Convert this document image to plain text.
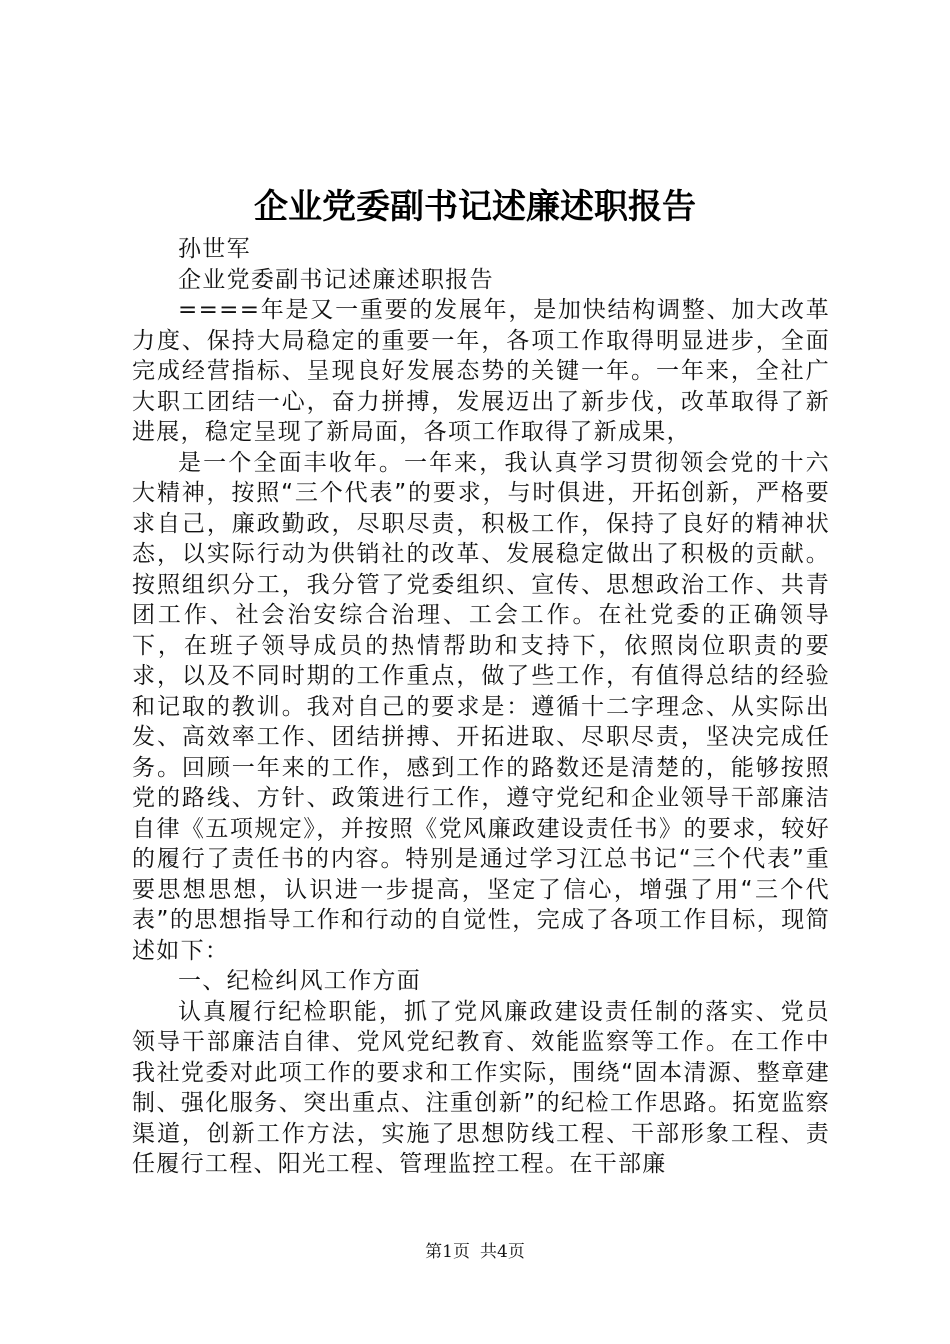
企业党委副书记述廉述职报告

孙世军

企业党委副书记述廉述职报告

====年是又一重要的发展年，是加快结构调整、加大改革力度、保持大局稳定的重要一年，各项工作取得明显进步，全面完成经营指标、呈现良好发展态势的关键一年。一年来，全社广大职工团结一心，奋力拼搏，发展迈出了新步伐，改革取得了新进展，稳定呈现了新局面，各项工作取得了新成果，

是一个全面丰收年。一年来，我认真学习贯彻领会党的十六大精神，按照“三个代表”的要求，与时俱进，开拓创新，严格要求自己，廉政勤政，尽职尽责，积极工作，保持了良好的精神状态，以实际行动为供销社的改革、发展稳定做出了积极的贡献。按照组织分工，我分管了党委组织、宣传、思想政治工作、共青团工作、社会治安综合治理、工会工作。在社党委的正确领导下，在班子领导成员的热情帮助和支持下，依照岗位职责的要求，以及不同时期的工作重点，做了些工作，有值得总结的经验和记取的教训。我对自己的要求是：遵循十二字理念、从实际出发、高效率工作、团结拼搏、开拓进取、尽职尽责，坚决完成任务。回顾一年来的工作，感到工作的路数还是清楚的，能够按照党的路线、方针、政策进行工作，遵守党纪和企业领导干部廉洁自律《五项规定》，并按照《党风廉政建设责任书》的要求，较好的履行了责任书的内容。特别是通过学习江总书记“三个代表”重要思想思想，认识进一步提高，坚定了信心，增强了用“三个代表”的思想指导工作和行动的自觉性，完成了各项工作目标，现简述如下：

一、纪检纠风工作方面

认真履行纪检职能，抓了党风廉政建设责任制的落实、党员领导干部廉洁自律、党风党纪教育、效能监察等工作。在工作中我社党委对此项工作的要求和工作实际，围绕“固本清源、整章建制、强化服务、突出重点、注重创新”的纪检工作思路。拓宽监察渠道，创新工作方法，实施了思想防线工程、干部形象工程、责任履行工程、阳光工程、管理监控工程。在干部廉

第1页 共4页
